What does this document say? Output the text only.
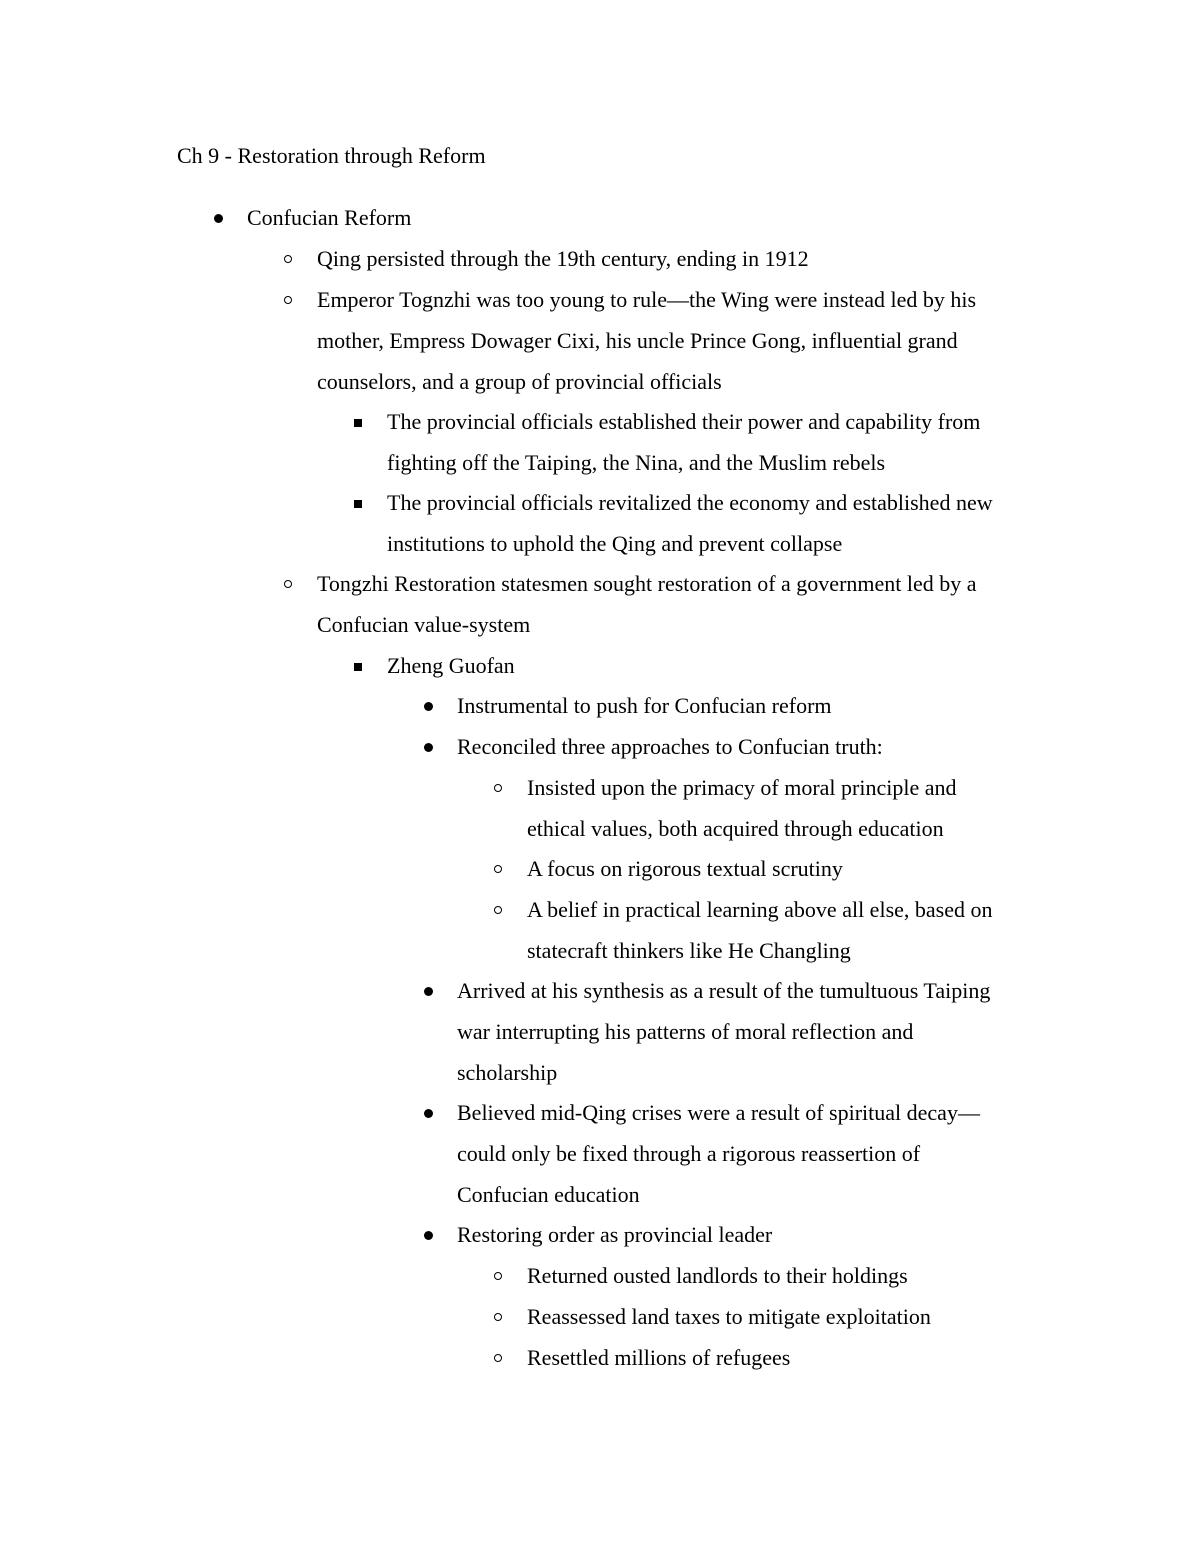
Ch 9 - Restoration through Reform
Confucian Reform
Qing persisted through the 19th century, ending in 1912
Emperor Tognzhi was too young to rule—the Wing were instead led by his mother, Empress Dowager Cixi, his uncle Prince Gong, influential grand counselors, and a group of provincial officials
The provincial officials established their power and capability from fighting off the Taiping, the Nina, and the Muslim rebels
The provincial officials revitalized the economy and established new institutions to uphold the Qing and prevent collapse
Tongzhi Restoration statesmen sought restoration of a government led by a Confucian value-system
Zheng Guofan
Instrumental to push for Confucian reform
Reconciled three approaches to Confucian truth:
Insisted upon the primacy of moral principle and ethical values, both acquired through education
A focus on rigorous textual scrutiny
A belief in practical learning above all else, based on statecraft thinkers like He Changling
Arrived at his synthesis as a result of the tumultuous Taiping war interrupting his patterns of moral reflection and scholarship
Believed mid-Qing crises were a result of spiritual decay—could only be fixed through a rigorous reassertion of Confucian education
Restoring order as provincial leader
Returned ousted landlords to their holdings
Reassessed land taxes to mitigate exploitation
Resettled millions of refugees
